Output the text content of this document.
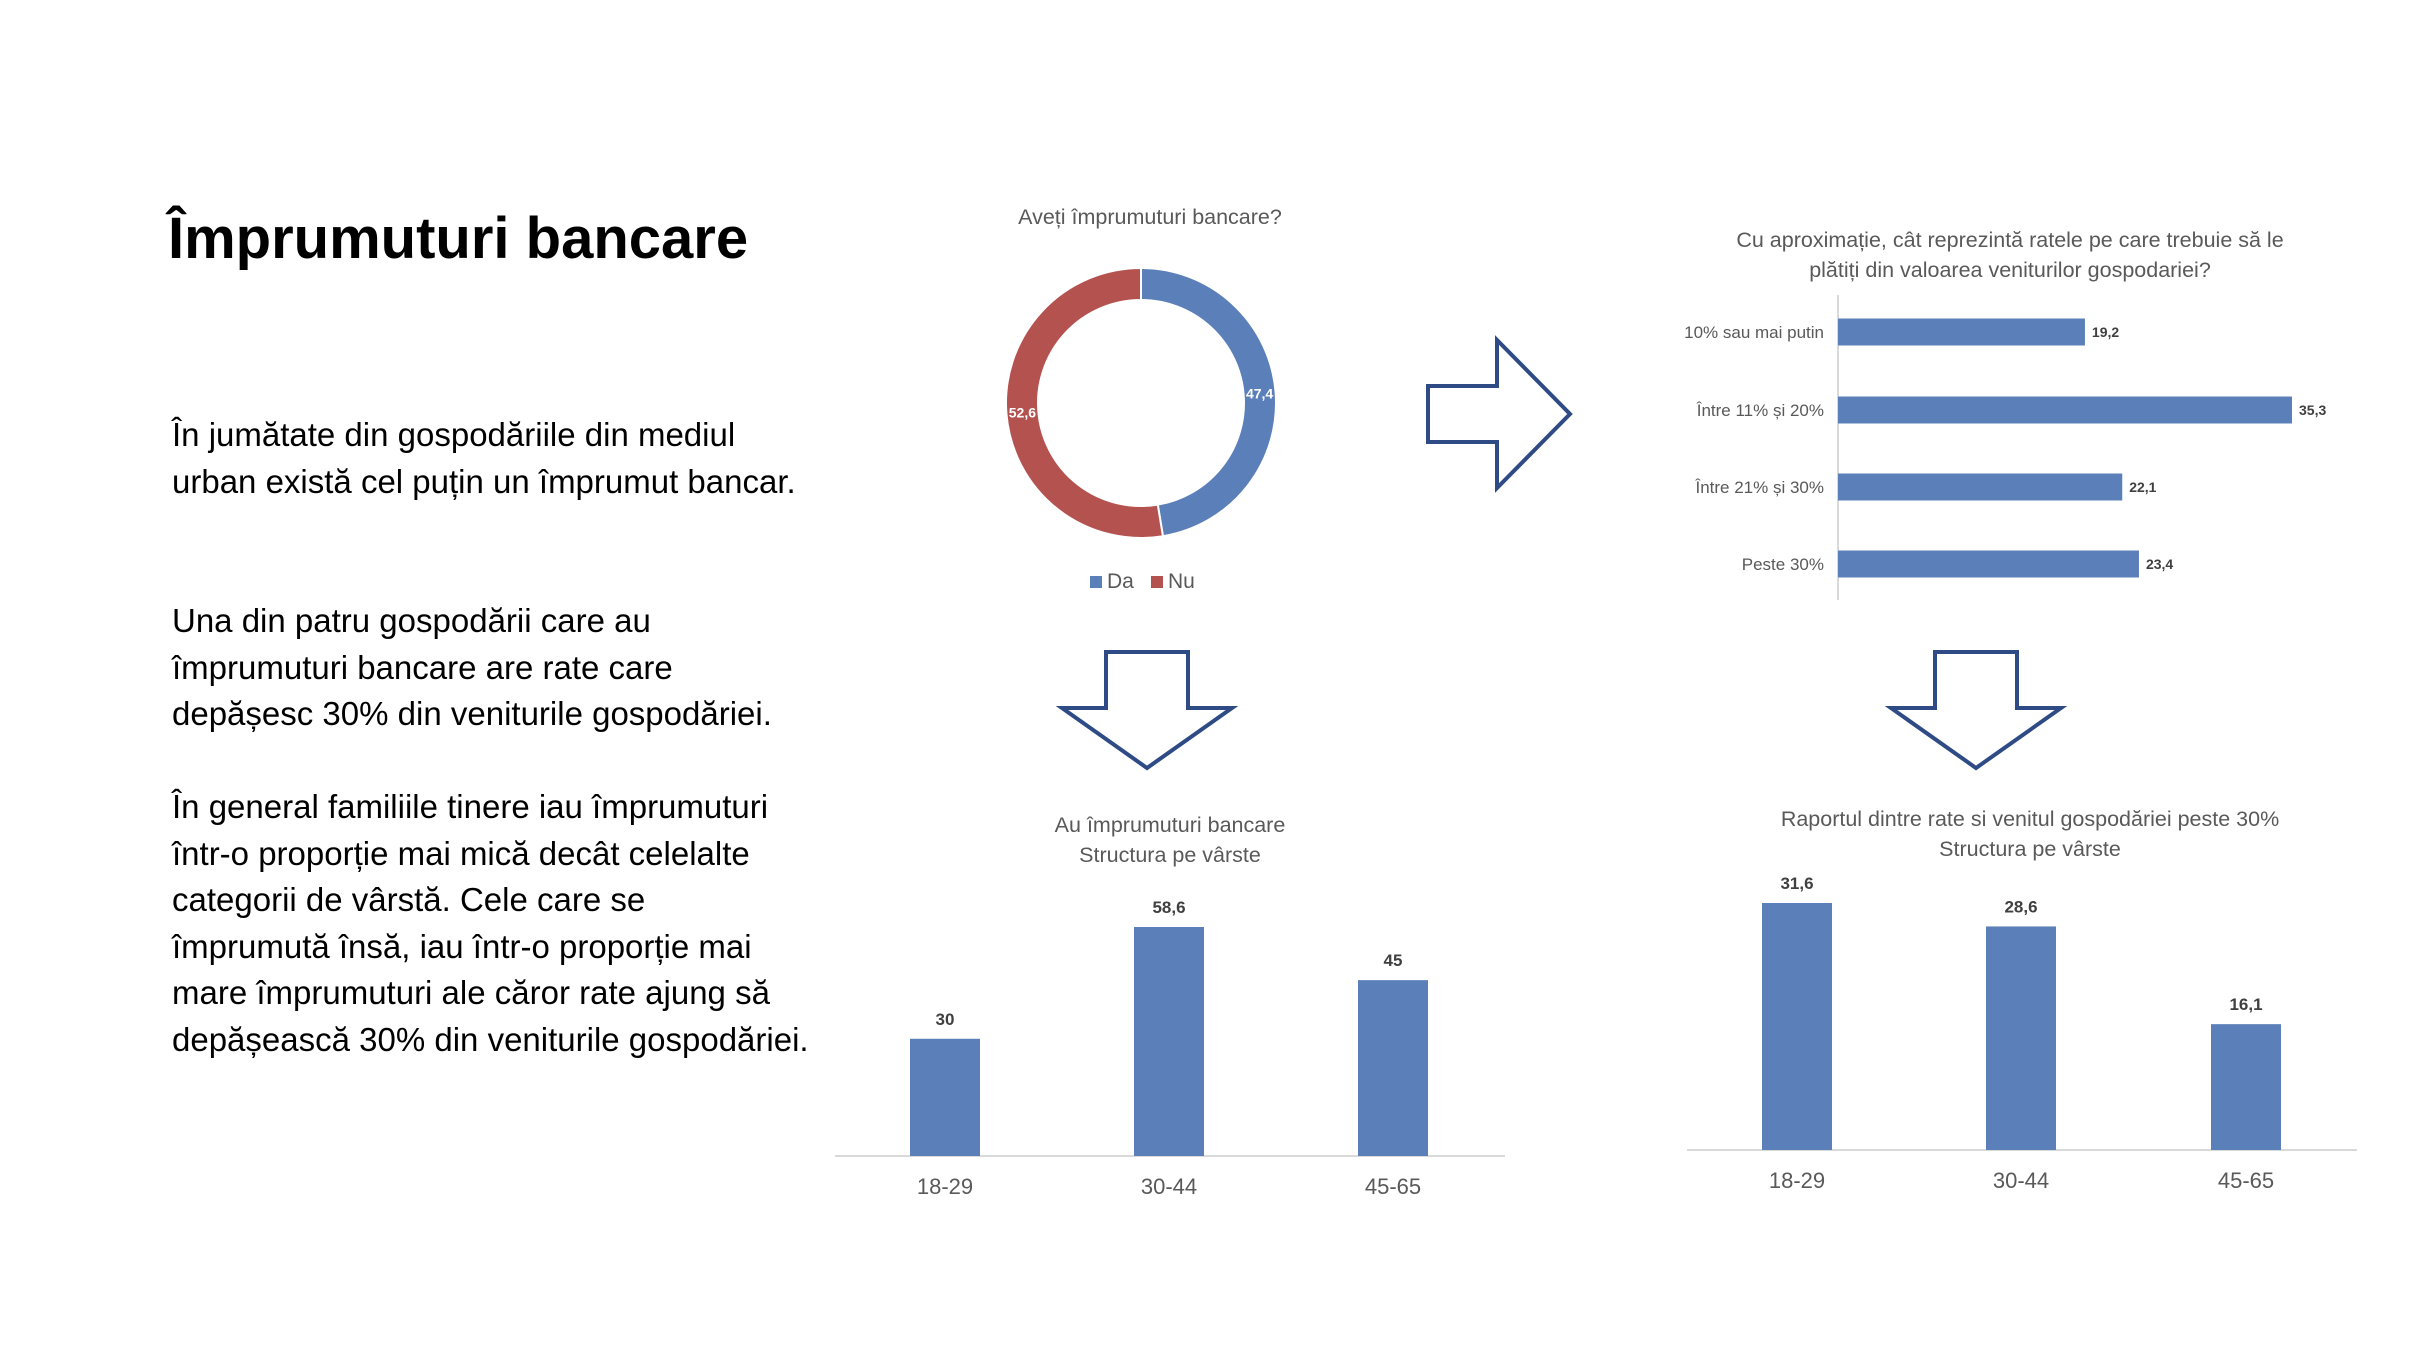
Împrumuturi bancare

În jumătate din gospodăriile din mediul urban există cel puțin un împrumut bancar.

Una din patru gospodării care au împrumuturi bancare are rate care depășesc 30% din veniturile gospodăriei.

În general familiile tinere iau împrumuturi într-o proporție mai mică decât celelalte categorii de vârstă. Cele care se împrumută însă, iau într-o proporție mai mare împrumuturi ale căror rate ajung să depășească 30% din veniturile gospodăriei.

Aveți împrumuturi bancare?
47,4
52,6
Da Nu
Cu aproximație, cât reprezintă ratele pe care trebuie să le
plătiți din valoarea veniturilor gospodariei?
19,2
10% sau mai putin
35,3
Între 11% și 20%
22,1
Între 21% și 30%
23,4
Peste 30%
Au împrumuturi bancare
Structura pe vârste
30
18-29
58,6
30-44
45
45-65
Raportul dintre rate si venitul gospodăriei peste 30%
Structura pe vârste
31,6
18-29
28,6
30-44
16,1
45-65
